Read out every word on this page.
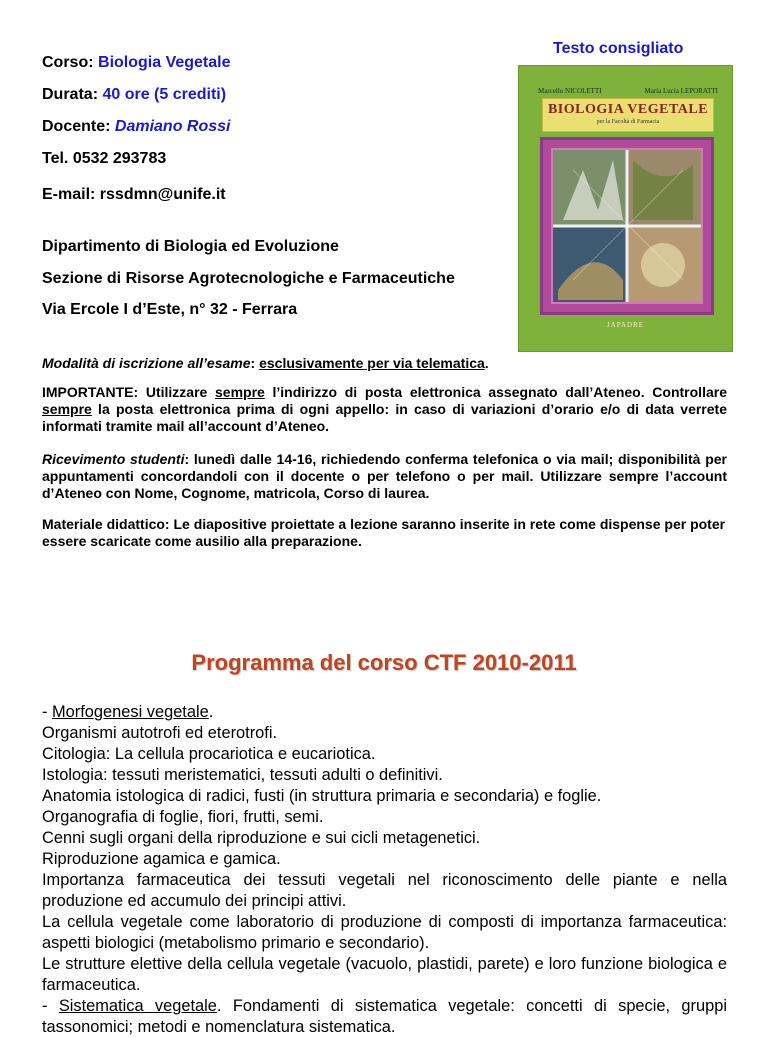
Corso: Biologia Vegetale
Durata: 40 ore (5 crediti)
Docente: Damiano Rossi
Tel. 0532 293783
E-mail: rssdmn@unife.it
Dipartimento di Biologia ed Evoluzione
Sezione di Risorse Agrotecnologiche e Farmaceutiche
Via Ercole I d’Este, n° 32 - Ferrara
Testo consigliato
Marcello NICOLETTI	Maria Lucia LEPORATTI
BIOLOGIA VEGETALE
per la Facoltà di Farmacia
JAPADRE
Modalità di iscrizione all’esame: esclusivamente per via telematica.
IMPORTANTE: Utilizzare sempre l’indirizzo di posta elettronica assegnato dall’Ateneo. Controllare sempre la posta elettronica prima di ogni appello: in caso di variazioni d’orario e/o di data verrete informati tramite mail all’account d’Ateneo.
Ricevimento studenti: lunedì dalle 14-16, richiedendo conferma telefonica o via mail; disponibilità per appuntamenti concordandoli con il docente o per telefono o per mail. Utilizzare sempre l’account d’Ateneo con Nome, Cognome, matricola, Corso di laurea.
Materiale didattico: Le diapositive proiettate a lezione saranno inserite in rete come dispense per poter essere scaricate come ausilio alla preparazione.
Programma del corso CTF 2010-2011
- Morfogenesi vegetale.
Organismi autotrofi ed eterotrofi.
Citologia: La cellula procariotica e eucariotica.
Istologia: tessuti meristematici, tessuti adulti o definitivi.
Anatomia istologica di radici, fusti (in struttura primaria e secondaria) e foglie.
Organografia di foglie, fiori, frutti, semi.
Cenni sugli organi della riproduzione e sui cicli metagenetici.
Riproduzione agamica e gamica.
Importanza farmaceutica dei tessuti vegetali nel riconoscimento delle piante e nella produzione ed accumulo dei principi attivi.
La cellula vegetale come laboratorio di produzione di composti di importanza farmaceutica: aspetti biologici (metabolismo primario e secondario).
Le strutture elettive della cellula vegetale (vacuolo, plastidi, parete) e loro funzione biologica e farmaceutica.
- Sistematica vegetale. Fondamenti di sistematica vegetale: concetti di specie, gruppi tassonomici; metodi e nomenclatura sistematica.
